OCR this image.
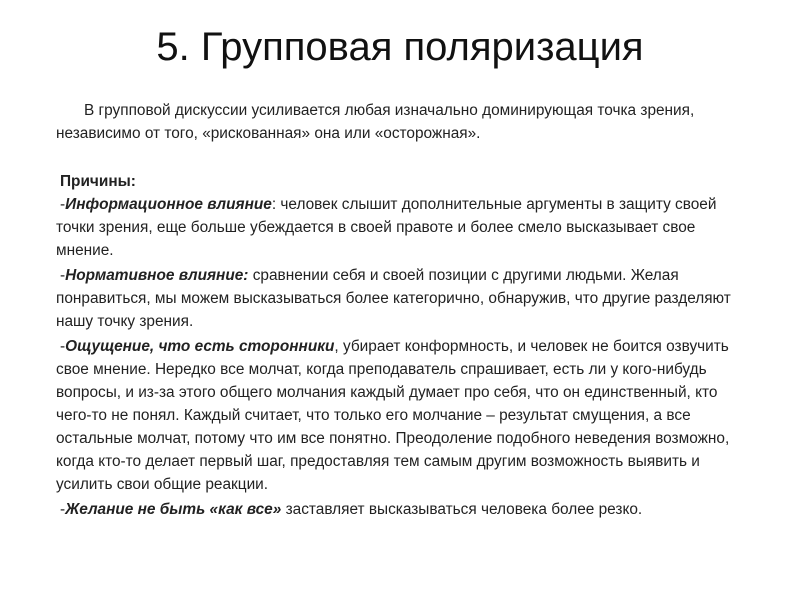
5. Групповая поляризация

В групповой дискуссии усиливается любая изначально доминирующая точка зрения, независимо от того, «рискованная» она или «осторожная».

Причины:

-Информационное влияние: человек слышит дополнительные аргументы в защиту своей точки зрения, еще больше убеждается в своей правоте и более смело высказывает свое мнение.

-Нормативное влияние: сравнении себя и своей позиции с другими людьми. Желая понравиться, мы можем высказываться более категорично, обнаружив, что другие разделяют нашу точку зрения.

-Ощущение, что есть сторонники, убирает конформность, и человек не боится озвучить свое мнение. Нередко все молчат, когда преподаватель спрашивает, есть ли у кого-нибудь вопросы, и из-за этого общего молчания каждый думает про себя, что он единственный, кто чего-то не понял. Каждый считает, что только его молчание – результат смущения, а все остальные молчат, потому что им все понятно. Преодоление подобного неведения возможно, когда кто-то делает первый шаг, предоставляя тем самым другим возможность выявить и усилить свои общие реакции.

-Желание не быть «как все» заставляет высказываться человека более резко.
